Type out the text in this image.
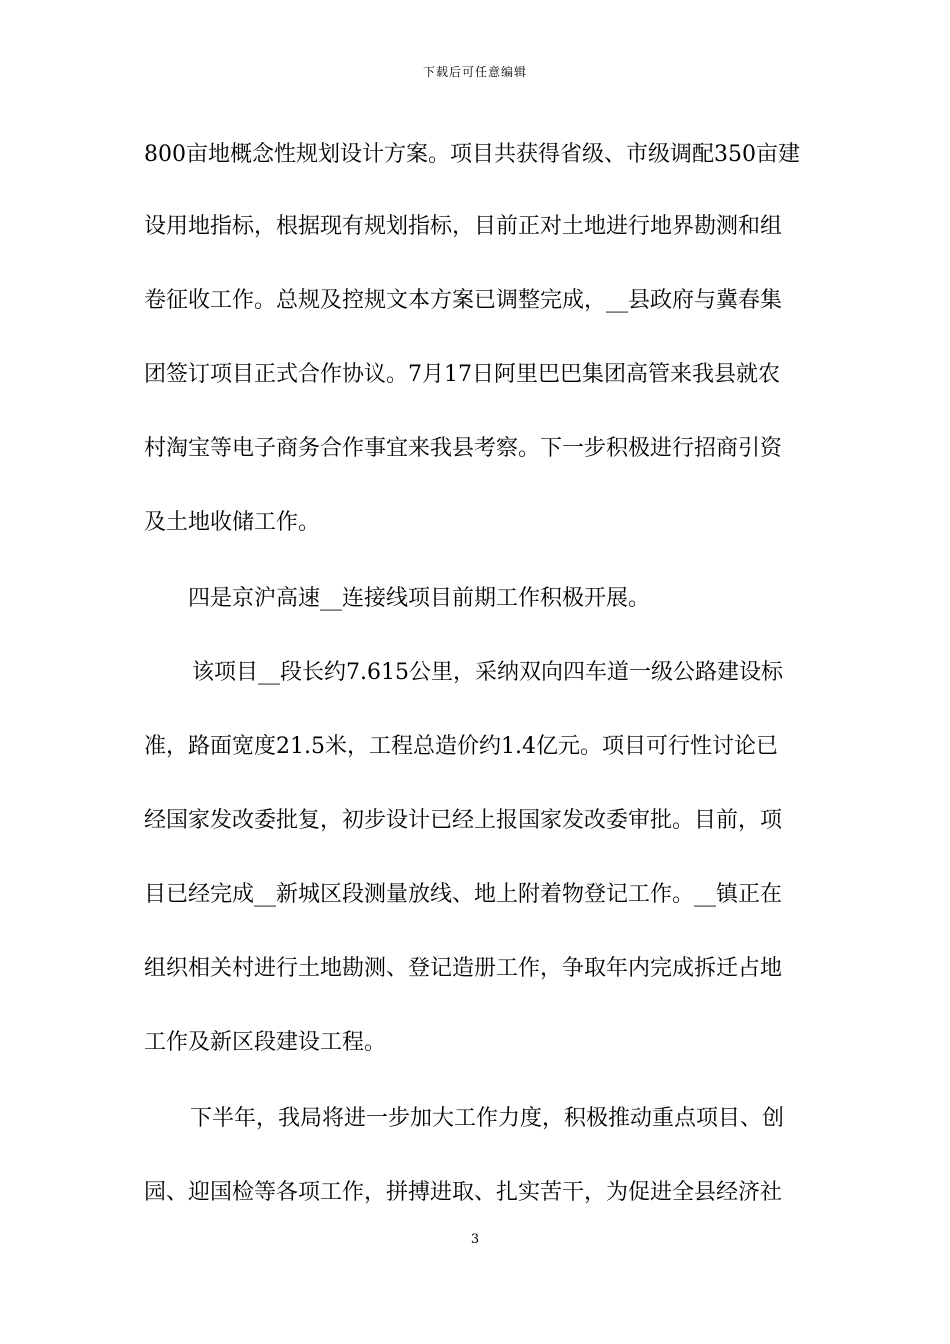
下载后可任意编辑
800亩地概念性规划设计方案。项目共获得省级、市级调配350亩建
设用地指标，根据现有规划指标，目前正对土地进行地界勘测和组
卷征收工作。总规及控规文本方案已调整完成，__县政府与冀春集
团签订项目正式合作协议。7月17日阿里巴巴集团高管来我县就农
村淘宝等电子商务合作事宜来我县考察。下一步积极进行招商引资
及土地收储工作。
四是京沪高速__连接线项目前期工作积极开展。
该项目__段长约7.615公里，采纳双向四车道一级公路建设标
准，路面宽度21.5米，工程总造价约1.4亿元。项目可行性讨论已
经国家发改委批复，初步设计已经上报国家发改委审批。目前，项
目已经完成__新城区段测量放线、地上附着物登记工作。__镇正在
组织相关村进行土地勘测、登记造册工作，争取年内完成拆迁占地
工作及新区段建设工程。
下半年，我局将进一步加大工作力度，积极推动重点项目、创
园、迎国检等各项工作，拼搏进取、扎实苦干，为促进全县经济社
3
